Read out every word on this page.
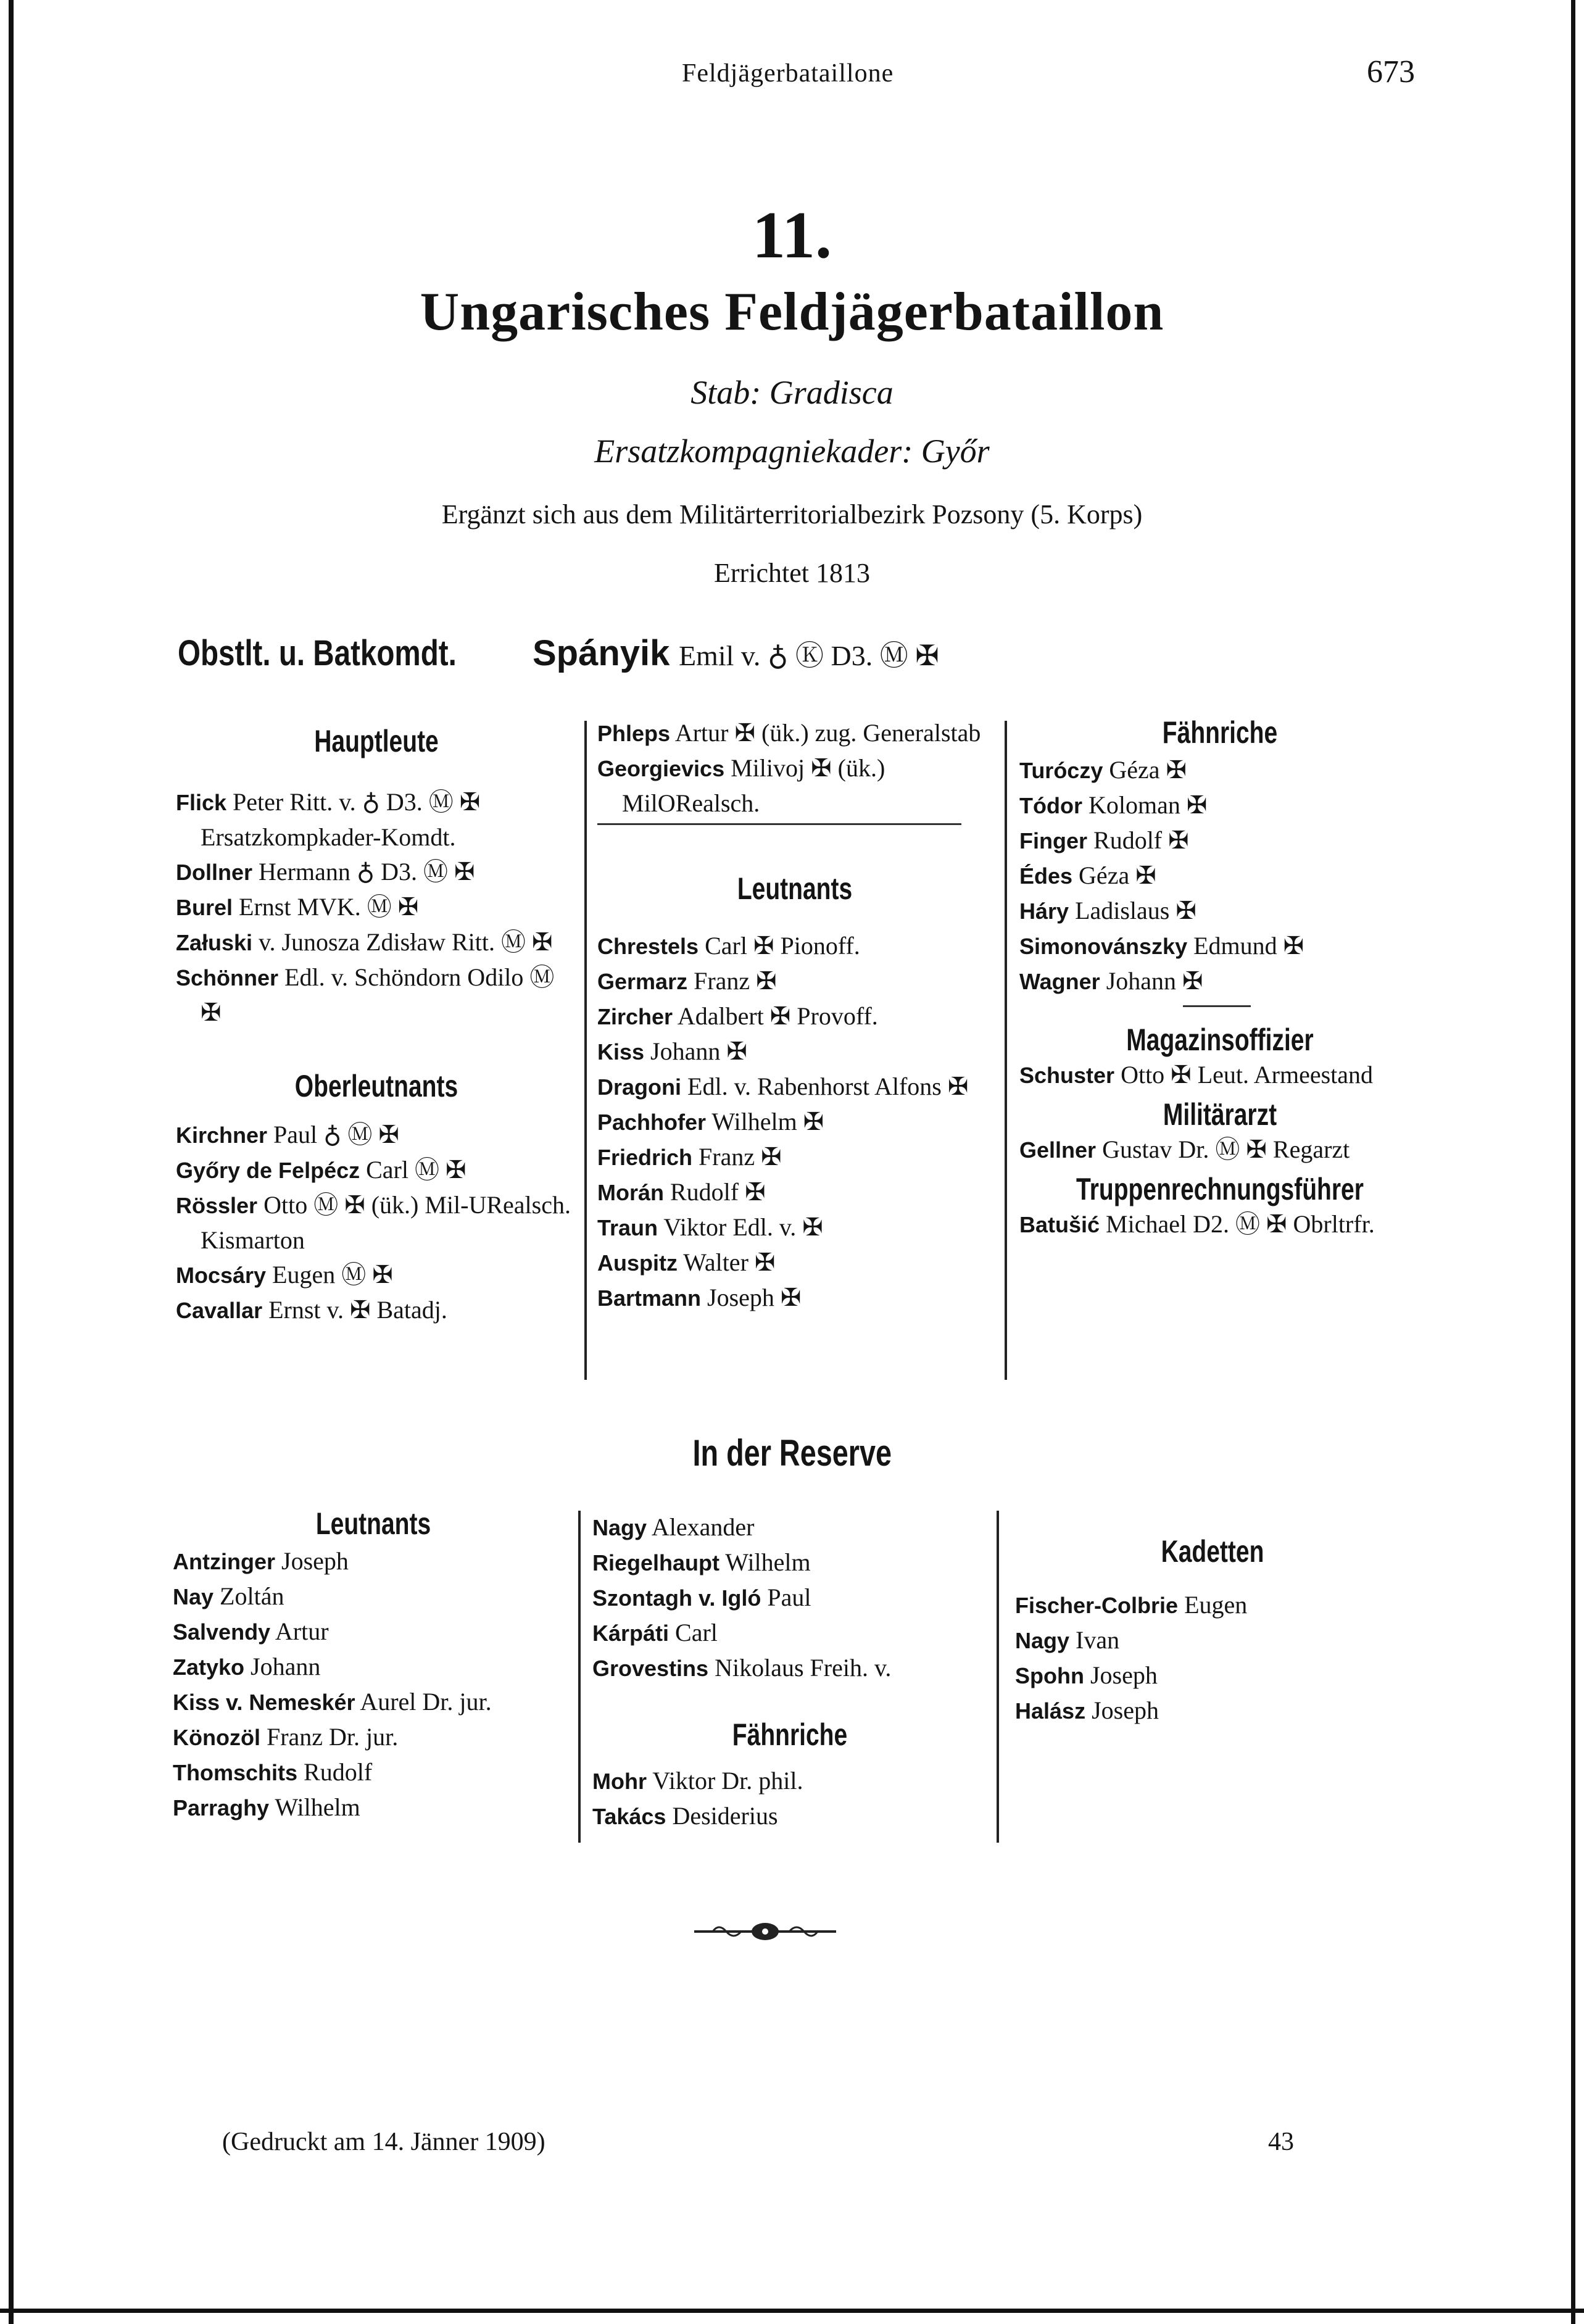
Feldjägerbataillone	673
11.
Ungarisches Feldjägerbataillon
Stab: Gradisca
Ersatzkompagniekader: Győr
Ergänzt sich aus dem Militärterritorialbezirk Pozsony (5. Korps)
Errichtet 1813
Obstlt. u. Batkomdt. Spányik Emil v. ♁ Ⓚ D3. Ⓜ ✠
Hauptleute

Flick Peter Ritt. v. ♁ D3. Ⓜ ✠ Ersatzkompkader-Komdt.

Dollner Hermann ♁ D3. Ⓜ ✠

Burel Ernst MVK. Ⓜ ✠

Załuski v. Junosza Zdisław Ritt. Ⓜ ✠

Schönner Edl. v. Schöndorn Odilo Ⓜ ✠

Oberleutnants

Kirchner Paul ♁ Ⓜ ✠

Győry de Felpécz Carl Ⓜ ✠

Rössler Otto Ⓜ ✠ (ük.) Mil-URealsch. Kismarton

Mocsáry Eugen Ⓜ ✠

Cavallar Ernst v. ✠ Batadj.

Phleps Artur ✠ (ük.) zug. Generalstab

Georgievics Milivoj ✠ (ük.) MilORealsch.

Leutnants

Chrestels Carl ✠ Pionoff.

Germarz Franz ✠

Zircher Adalbert ✠ Provoff.

Kiss Johann ✠

Dragoni Edl. v. Rabenhorst Alfons ✠

Pachhofer Wilhelm ✠

Friedrich Franz ✠

Morán Rudolf ✠

Traun Viktor Edl. v. ✠

Auspitz Walter ✠

Bartmann Joseph ✠

Fähnriche

Turóczy Géza ✠

Tódor Koloman ✠

Finger Rudolf ✠

Édes Géza ✠

Háry Ladislaus ✠

Simonovánszky Edmund ✠

Wagner Johann ✠

Magazinsoffizier

Schuster Otto ✠ Leut. Armeestand

Militärarzt

Gellner Gustav Dr. Ⓜ ✠ Regarzt

Truppenrechnungsführer

Batušić Michael D2. Ⓜ ✠ Obrltrfr.

In der Reserve
Leutnants

Antzinger Joseph

Nay Zoltán

Salvendy Artur

Zatyko Johann

Kiss v. Nemeskér Aurel Dr. jur.

Könozöl Franz Dr. jur.

Thomschits Rudolf

Parraghy Wilhelm

Nagy Alexander

Riegelhaupt Wilhelm

Szontagh v. Igló Paul

Kárpáti Carl

Grovestins Nikolaus Freih. v.

Fähnriche

Mohr Viktor Dr. phil.

Takács Desiderius

Kadetten

Fischer-Colbrie Eugen

Nagy Ivan

Spohn Joseph

Halász Joseph

(Gedruckt am 14. Jänner 1909)	43
